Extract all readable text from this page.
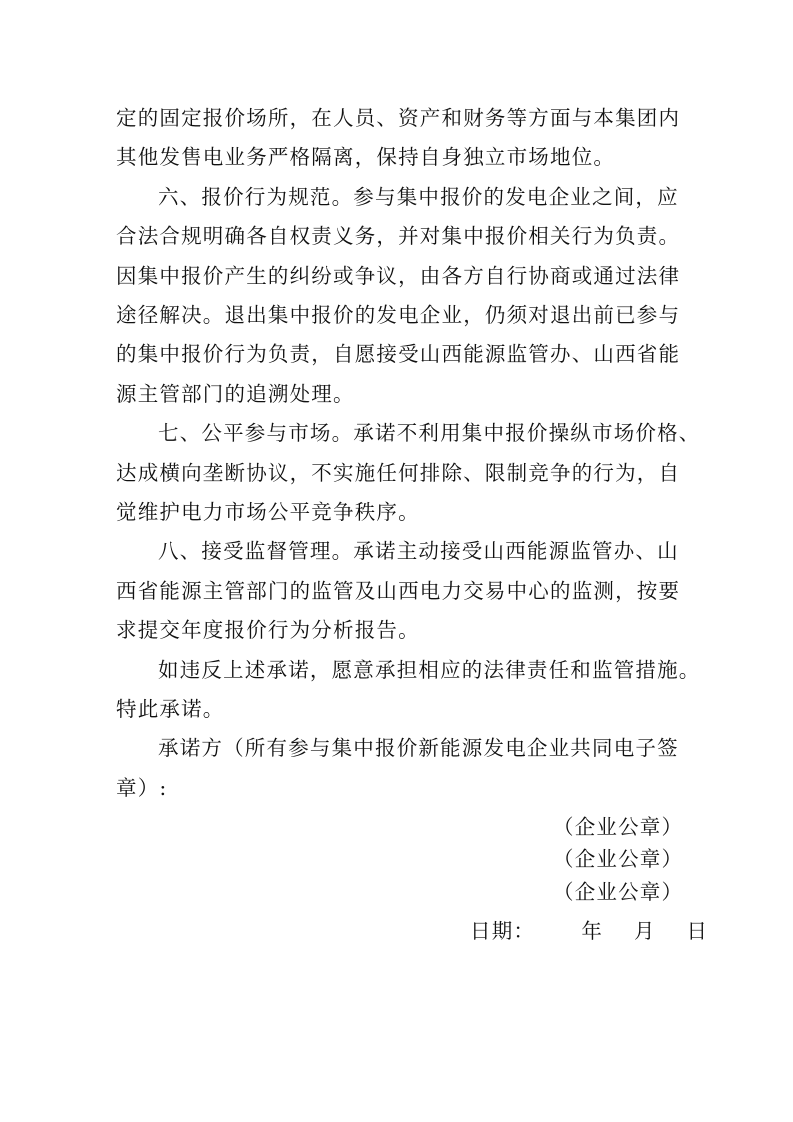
定的固定报价场所，在人员、资产和财务等方面与本集团内
其他发售电业务严格隔离，保持自身独立市场地位。
六、报价行为规范。参与集中报价的发电企业之间，应
合法合规明确各自权责义务，并对集中报价相关行为负责。
因集中报价产生的纠纷或争议，由各方自行协商或通过法律
途径解决。退出集中报价的发电企业，仍须对退出前已参与
的集中报价行为负责，自愿接受山西能源监管办、山西省能
源主管部门的追溯处理。
七、公平参与市场。承诺不利用集中报价操纵市场价格、
达成横向垄断协议，不实施任何排除、限制竞争的行为，自
觉维护电力市场公平竞争秩序。
八、接受监督管理。承诺主动接受山西能源监管办、山
西省能源主管部门的监管及山西电力交易中心的监测，按要
求提交年度报价行为分析报告。
如违反上述承诺，愿意承担相应的法律责任和监管措施。
特此承诺。
承诺方（所有参与集中报价新能源发电企业共同电子签
章）:
（企业公章）
（企业公章）
（企业公章）
日期：      年    月    日
